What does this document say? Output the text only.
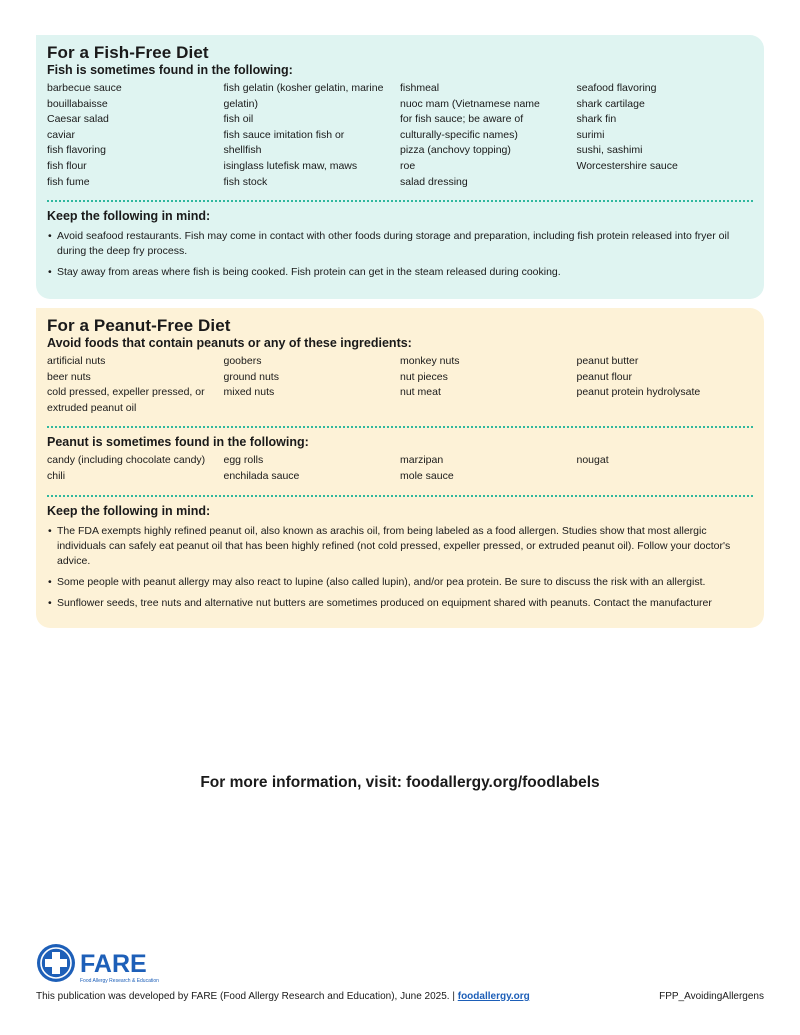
For a Fish-Free Diet

Fish is sometimes found in the following:

barbecue sauce
bouillabaisse
Caesar salad
caviar
fish flavoring
fish flour
fish fume
fish gelatin (kosher gelatin, marine
gelatin)
fish oil
fish sauce imitation fish or
shellfish
isinglass lutefisk maw, maws
fish stock
fishmeal
nuoc mam (Vietnamese name
for fish sauce; be aware of
culturally-specific names)
pizza (anchovy topping)
roe
salad dressing
seafood flavoring
shark cartilage
shark fin
surimi
sushi, sashimi
Worcestershire sauce

Keep the following in mind:

• Avoid seafood restaurants. Fish may come in contact with other foods during storage and preparation, including fish protein released into fryer oil during the deep fry process.
• Stay away from areas where fish is being cooked. Fish protein can get in the steam released during cooking.
For a Peanut-Free Diet

Avoid foods that contain peanuts or any of these ingredients:

artificial nuts
beer nuts
cold pressed, expeller pressed, or
extruded peanut oil
goobers
ground nuts
mixed nuts
monkey nuts
nut pieces
nut meat
peanut butter
peanut flour
peanut protein hydrolysate

Peanut is sometimes found in the following:

candy (including chocolate candy)
chili
egg rolls
enchilada sauce
marzipan
mole sauce
nougat

Keep the following in mind:

• The FDA exempts highly refined peanut oil, also known as arachis oil, from being labeled as a food allergen. Studies show that most allergic individuals can safely eat peanut oil that has been highly refined (not cold pressed, expeller pressed, or extruded peanut oil). Follow your doctor's advice.
• Some people with peanut allergy may also react to lupine (also called lupin), and/or pea protein. Be sure to discuss the risk with an allergist.
• Sunflower seeds, tree nuts and alternative nut butters are sometimes produced on equipment shared with peanuts. Contact the manufacturer
For more information, visit: foodallergy.org/foodlabels
FARE
Food Allergy Research & Education
This publication was developed by FARE (Food Allergy Research and Education), June 2025. | foodallergy.org	FPP_AvoidingAllergens
